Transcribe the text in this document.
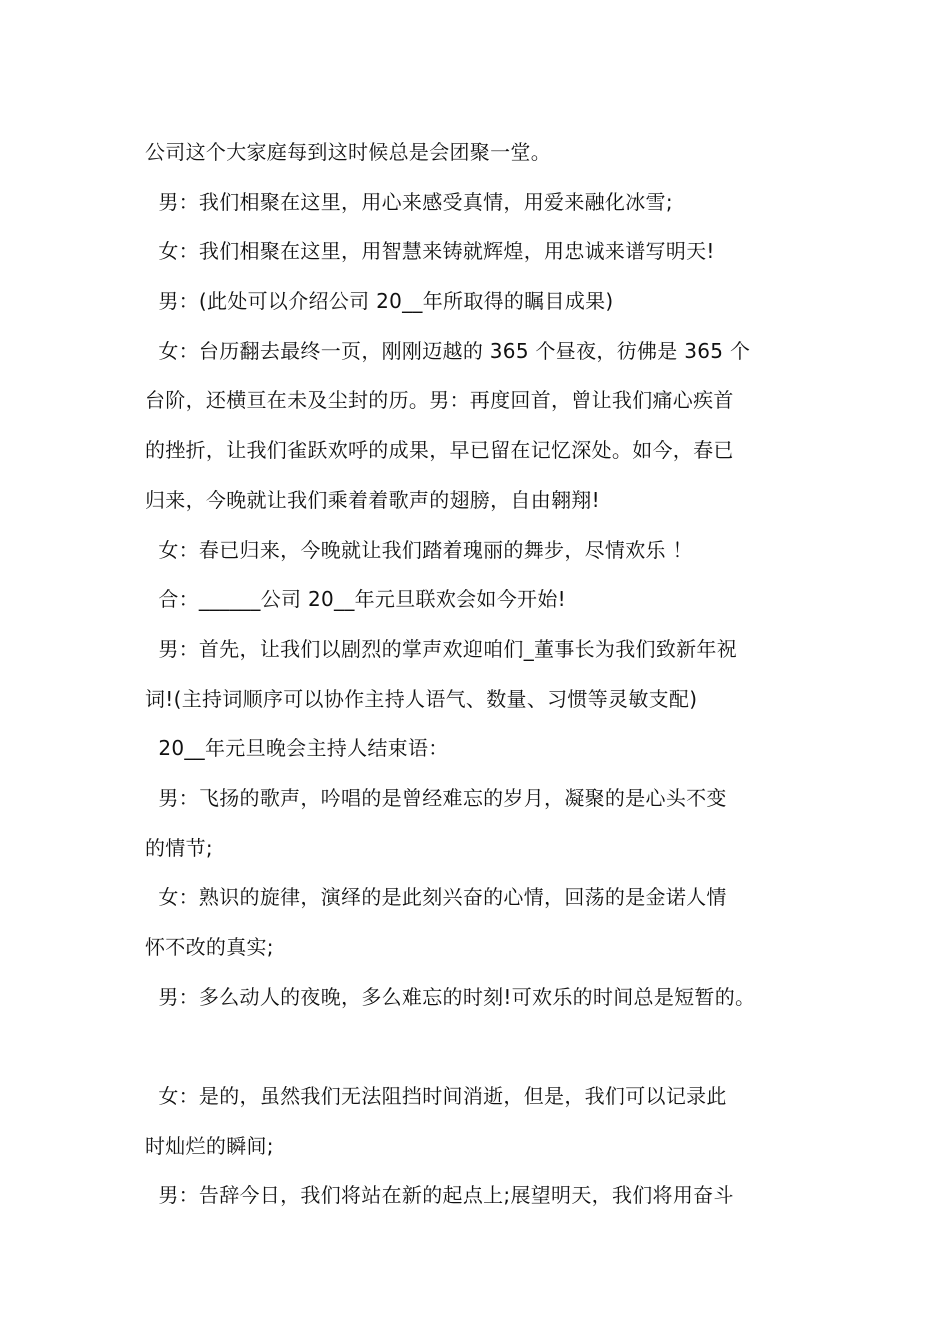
公司这个大家庭每到这时候总是会团聚一堂。
男：我们相聚在这里，用心来感受真情，用爱来融化冰雪;
女：我们相聚在这里，用智慧来铸就辉煌，用忠诚来谱写明天!
男：(此处可以介绍公司 20__年所取得的瞩目成果)
女：台历翻去最终一页，刚刚迈越的 365 个昼夜，彷佛是 365 个
台阶，还横亘在未及尘封的历。男：再度回首，曾让我们痛心疾首
的挫折，让我们雀跃欢呼的成果，早已留在记忆深处。如今，春已
归来，今晚就让我们乘着着歌声的翅膀，自由翱翔!
女：春已归来，今晚就让我们踏着瑰丽的舞步，尽情欢乐 ！
合：______公司 20__年元旦联欢会如今开始!
男：首先，让我们以剧烈的掌声欢迎咱们_董事长为我们致新年祝
词!(主持词顺序可以协作主持人语气、数量、习惯等灵敏支配)
20__年元旦晚会主持人结束语：
男：飞扬的歌声，吟唱的是曾经难忘的岁月，凝聚的是心头不变
的情节;
女：熟识的旋律，演绎的是此刻兴奋的心情，回荡的是金诺人情
怀不改的真实;
男：多么动人的夜晚，多么难忘的时刻!可欢乐的时间总是短暂的。
女：是的，虽然我们无法阻挡时间消逝，但是，我们可以记录此
时灿烂的瞬间;
男：告辞今日，我们将站在新的起点上;展望明天，我们将用奋斗
